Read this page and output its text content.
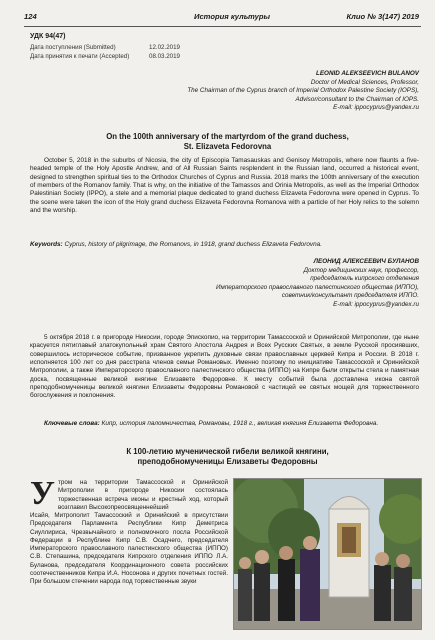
124	История культуры	Клио № 3(147) 2019
УДК 94(47)
Дата поступления (Submitted)	12.02.2019
Дата принятия к печати (Accepted)	08.03.2019
LEONID ALEKSEEVICH BULANOV
Doctor of Medical Sciences, Professor,
The Chairman of the Cyprus branch of Imperial Orthodox Palestine Society (IOPS),
Advisor/consultant to the Chairman of IOPS.
E-mail: ippocyprus@yandex.ru
On the 100th anniversary of the martyrdom of the grand duchess,
St. Elizaveta Fedorovna
October 5, 2018 in the suburbs of Nicosia, the city of Episcopia Tamasauskas and Genisoy Metropolis, where now flaunts a five-headed temple of the Holy Apostle Andrew, and of All Russian Saints resplendent in the Russian land, occurred a historical event, designed to strengthen spiritual ties to the Orthodox Churches of Cyprus and Russia. 2018 marks the 100th anniversary of the execution of members of the Romanov family. That is why, on the initiative of the Tamassos and Orinia Metropolis, as well as the Imperial Orthodox Palestinian Society (IPPO), a stele and a memorial plaque dedicated to grand duchess Elizaveta Fedorovna were opened in Cyprus. To the scene were taken the icon of the Holy grand duchess Elizaveta Fedorovna Romanova with a particle of her Holy relics to the solemn and the worship.
Keywords: Cyprus, history of pilgrimage, the Romanovs, in 1918, grand duchess Elizaveta Fedorovna.
ЛЕОНИД АЛЕКСЕЕВИЧ БУЛАНОВ
Доктор медицинских наук, профессор,
председатель кипрского отделения
Императорского православного палестинского общества (ИППО),
советник/консультант председателя ИППО.
E-mail: ippocyprus@yandex.ru
5 октября 2018 г. в пригороде Никосии, городе Эпископио, на территории Тамассоской и Оринийской Митрополии, где ныне красуется пятиглавый златокупольный храм Святого Апостола Андрея и Всех Русских Святых, в земле Русской просиявших, совершилось историческое событие, призванное укрепить духовные связи православных церквей Кипра и России. В 2018 г. исполняется 100 лет со дня расстрела членов семьи Романовых. Именно поэтому по инициативе Тамассоской и Оринийской Митрополии, а также Императорского православного палестинского общества (ИППО) на Кипре были открыты стела и памятная доска, посвященные великой княгине Елизавете Федоровне. К месту событий была доставлена икона святой преподобномученицы великой княгини Елизаветы Федоровны Романовой с частицей ее святых мощей для торжественного богослужения и поклонения.
Ключевые слова: Кипр, история паломничества, Романовы, 1918 г., великая княгиня Елизавета Федоровна.
К 100-летию мученической гибели великой княгини,
преподобномученицы Елизаветы Федоровны
У тром на территории Тамассоской и Оринийской Митрополии в пригороде Никосии состоялась торжественная встреча иконы и крестный ход, который возглавил Высокопреосвященнейший
Исайя, Митрополит Тамассоский и Оринийский в присутствии Председателя Парламента Республики Кипр Деметриса Сиуллириса, Чрезвычайного и полномочного посла Российской Федерации в Республике Кипр С.В. Осадчего, председателя Императорского православного палестинского общества (ИППО) С.В. Степашина, председателя Кипрского отделения ИППО Л.А. Буланова, председателя Координационного совета российских соотечественников Кипра И.А. Носонова и других почетных гостей. При большом стечении народа под торжественные звуки
